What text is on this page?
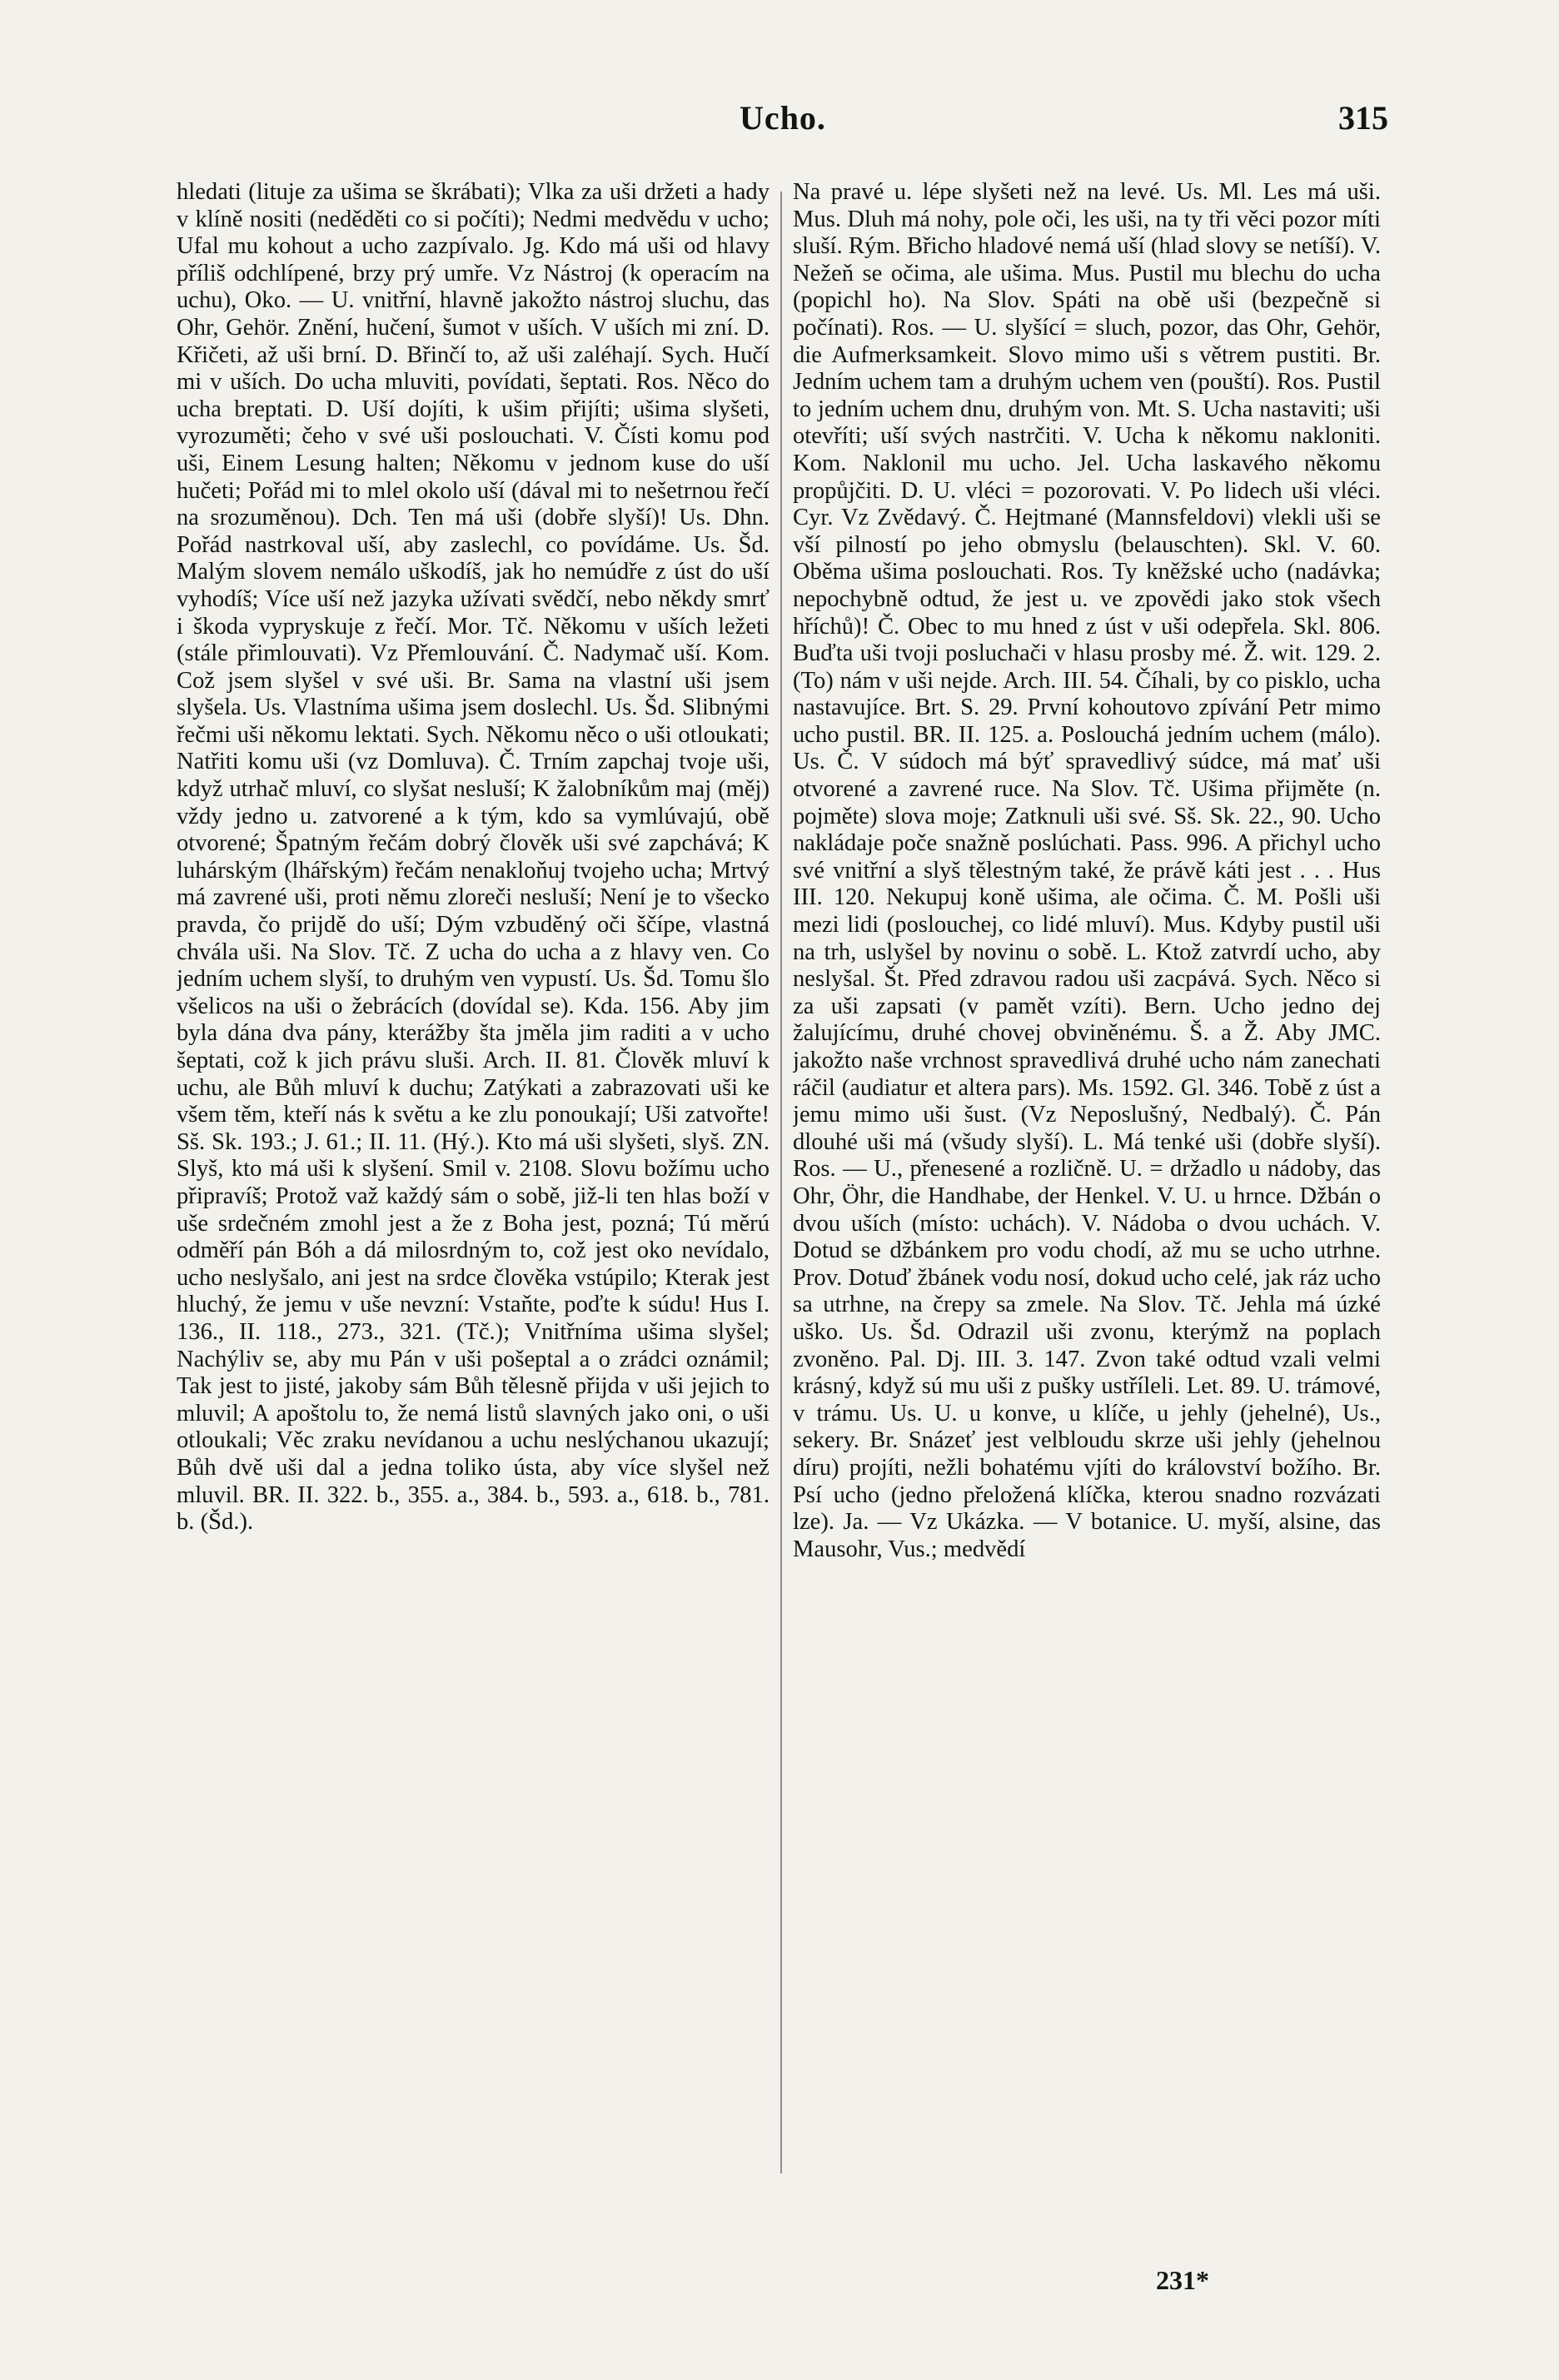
Ucho.	315

hledati (lituje za ušima se škrábati); Vlka za uši držeti a hady v klíně nositi (neděděti co si počíti); Nedmi medvědu v ucho; Ufal mu kohout a ucho zazpívalo. Jg. Kdo má uši od hlavy příliš odchlípené, brzy prý umře. Vz Nástroj (k operacím na uchu), Oko. — U. vnitřní, hlavně jakožto nástroj sluchu, das Ohr, Gehör. Znění, hučení, šumot v uších. V uších mi zní. D. Křičeti, až uši brní. D. Břinčí to, až uši zaléhají. Sych. Hučí mi v uších. Do ucha mluviti, povídati, šeptati. Ros. Něco do ucha breptati. D. Uší dojíti, k ušim přijíti; ušima slyšeti, vyrozuměti; čeho v své uši poslouchati. V. Čísti komu pod uši, Einem Lesung halten; Někomu v jednom kuse do uší hučeti; Pořád mi to mlel okolo uší (dával mi to nešetrnou řečí na srozuměnou). Dch. Ten má uši (dobře slyší)! Us. Dhn. Pořád nastrkoval uší, aby zaslechl, co povídáme. Us. Šd. Malým slovem nemálo uškodíš, jak ho nemúdře z úst do uší vyhodíš; Více uší než jazyka užívati svědčí, nebo někdy smrť i škoda vypryskuje z řečí. Mor. Tč. Někomu v uších ležeti (stále přimlouvati). Vz Přemlouvání. Č. Nadymač uší. Kom. Což jsem slyšel v své uši. Br. Sama na vlastní uši jsem slyšela. Us. Vlastníma ušima jsem doslechl. Us. Šd. Slibnými řečmi uši někomu lektati. Sych. Někomu něco o uši otloukati; Natřiti komu uši (vz Domluva). Č. Trním zapchaj tvoje uši, když utrhač mluví, co slyšat nesluší; K žalobníkům maj (měj) vždy jedno u. zatvorené a k tým, kdo sa vymlúvajú, obě otvorené; Špatným řečám dobrý člověk uši své zapchává; K luhárským (lhářským) řečám nenakloňuj tvojeho ucha; Mrtvý má zavrené uši, proti němu zloreči nesluší; Není je to všecko pravda, čo prijdě do uší; Dým vzbuděný oči ščípe, vlastná chvála uši. Na Slov. Tč. Z ucha do ucha a z hlavy ven. Co jedním uchem slyší, to druhým ven vypustí. Us. Šd. Tomu šlo všelicos na uši o žebrácích (dovídal se). Kda. 156. Aby jim byla dána dva pány, kterážby šta jměla jim raditi a v ucho šeptati, což k jich právu sluši. Arch. II. 81. Člověk mluví k uchu, ale Bůh mluví k duchu; Zatýkati a zabrazovati uši ke všem těm, kteří nás k světu a ke zlu ponoukají; Uši zatvořte! Sš. Sk. 193.; J. 61.; II. 11. (Hý.). Kto má uši slyšeti, slyš. ZN. Slyš, kto má uši k slyšení. Smil v. 2108. Slovu božímu ucho připravíš; Protož važ každý sám o sobě, již-li ten hlas boží v uše srdečném zmohl jest a že z Boha jest, pozná; Tú měrú odměří pán Bóh a dá milosrdným to, což jest oko nevídalo, ucho neslyšalo, ani jest na srdce člověka vstúpilo; Kterak jest hluchý, že jemu v uše nevzní: Vstaňte, poďte k súdu! Hus I. 136., II. 118., 273., 321. (Tč.); Vnitřníma ušima slyšel; Nachýliv se, aby mu Pán v uši pošeptal a o zrádci oznámil; Tak jest to jisté, jakoby sám Bůh tělesně přijda v uši jejich to mluvil; A apoštolu to, že nemá listů slavných jako oni, o uši otloukali; Věc zraku nevídanou a uchu neslýchanou ukazují; Bůh dvě uši dal a jedna toliko ústa, aby více slyšel než mluvil. BR. II. 322. b., 355. a., 384. b., 593. a., 618. b., 781. b. (Šd.).

Na pravé u. lépe slyšeti než na levé. Us. Ml. Les má uši. Mus. Dluh má nohy, pole oči, les uši, na ty tři věci pozor míti sluší. Rým. Břicho hladové nemá uší (hlad slovy se netíší). V. Nežeň se očima, ale ušima. Mus. Pustil mu blechu do ucha (popichl ho). Na Slov. Spáti na obě uši (bezpečně si počínati). Ros. — U. slyšící = sluch, pozor, das Ohr, Gehör, die Aufmerksamkeit. Slovo mimo uši s větrem pustiti. Br. Jedním uchem tam a druhým uchem ven (pouští). Ros. Pustil to jedním uchem dnu, druhým von. Mt. S. Ucha nastaviti; uši otevříti; uší svých nastrčiti. V. Ucha k někomu nakloniti. Kom. Naklonil mu ucho. Jel. Ucha laskavého někomu propůjčiti. D. U. vléci = pozorovati. V. Po lidech uši vléci. Cyr. Vz Zvědavý. Č. Hejtmané (Mannsfeldovi) vlekli uši se vší pilností po jeho obmyslu (belauschten). Skl. V. 60. Oběma ušima poslouchati. Ros. Ty kněžské ucho (nadávka; nepochybně odtud, že jest u. ve zpovědi jako stok všech hříchů)! Č. Obec to mu hned z úst v uši odepřela. Skl. 806. Buďta uši tvoji posluchači v hlasu prosby mé. Ž. wit. 129. 2. (To) nám v uši nejde. Arch. III. 54. Číhali, by co pisklo, ucha nastavujíce. Brt. S. 29. První kohoutovo zpívání Petr mimo ucho pustil. BR. II. 125. a. Poslouchá jedním uchem (málo). Us. Č. V súdoch má býť spravedlivý súdce, má mať uši otvorené a zavrené ruce. Na Slov. Tč. Ušima přijměte (n. pojměte) slova moje; Zatknuli uši své. Sš. Sk. 22., 90. Ucho nakládaje poče snažně poslúchati. Pass. 996. A přichyl ucho své vnitřní a slyš tělestným také, že právě káti jest . . . Hus III. 120. Nekupuj koně ušima, ale očima. Č. M. Pošli uši mezi lidi (poslouchej, co lidé mluví). Mus. Kdyby pustil uši na trh, uslyšel by novinu o sobě. L. Ktož zatvrdí ucho, aby neslyšal. Št. Před zdravou radou uši zacpává. Sych. Něco si za uši zapsati (v pamět vzíti). Bern. Ucho jedno dej žalujícímu, druhé chovej obviněnému. Š. a Ž. Aby JMC. jakožto naše vrchnost spravedlivá druhé ucho nám zanechati ráčil (audiatur et altera pars). Ms. 1592. Gl. 346. Tobě z úst a jemu mimo uši šust. (Vz Neposlušný, Nedbalý). Č. Pán dlouhé uši má (všudy slyší). L. Má tenké uši (dobře slyší). Ros. — U., přenesené a rozličně. U. = držadlo u nádoby, das Ohr, Öhr, die Handhabe, der Henkel. V. U. u hrnce. Džbán o dvou uších (místo: uchách). V. Nádoba o dvou uchách. V. Dotud se džbánkem pro vodu chodí, až mu se ucho utrhne. Prov. Dotuď žbánek vodu nosí, dokud ucho celé, jak ráz ucho sa utrhne, na črepy sa zmele. Na Slov. Tč. Jehla má úzké uško. Us. Šd. Odrazil uši zvonu, kterýmž na poplach zvoněno. Pal. Dj. III. 3. 147. Zvon také odtud vzali velmi krásný, když sú mu uši z pušky ustříleli. Let. 89. U. trámové, v trámu. Us. U. u konve, u klíče, u jehly (jehelné), Us., sekery. Br. Snázeť jest velbloudu skrze uši jehly (jehelnou díru) projíti, nežli bohatému vjíti do království božího. Br. Psí ucho (jedno přeložená klíčka, kterou snadno rozvázati lze). Ja. — Vz Ukázka. — V botanice. U. myší, alsine, das Mausohr, Vus.; medvědí

231*
